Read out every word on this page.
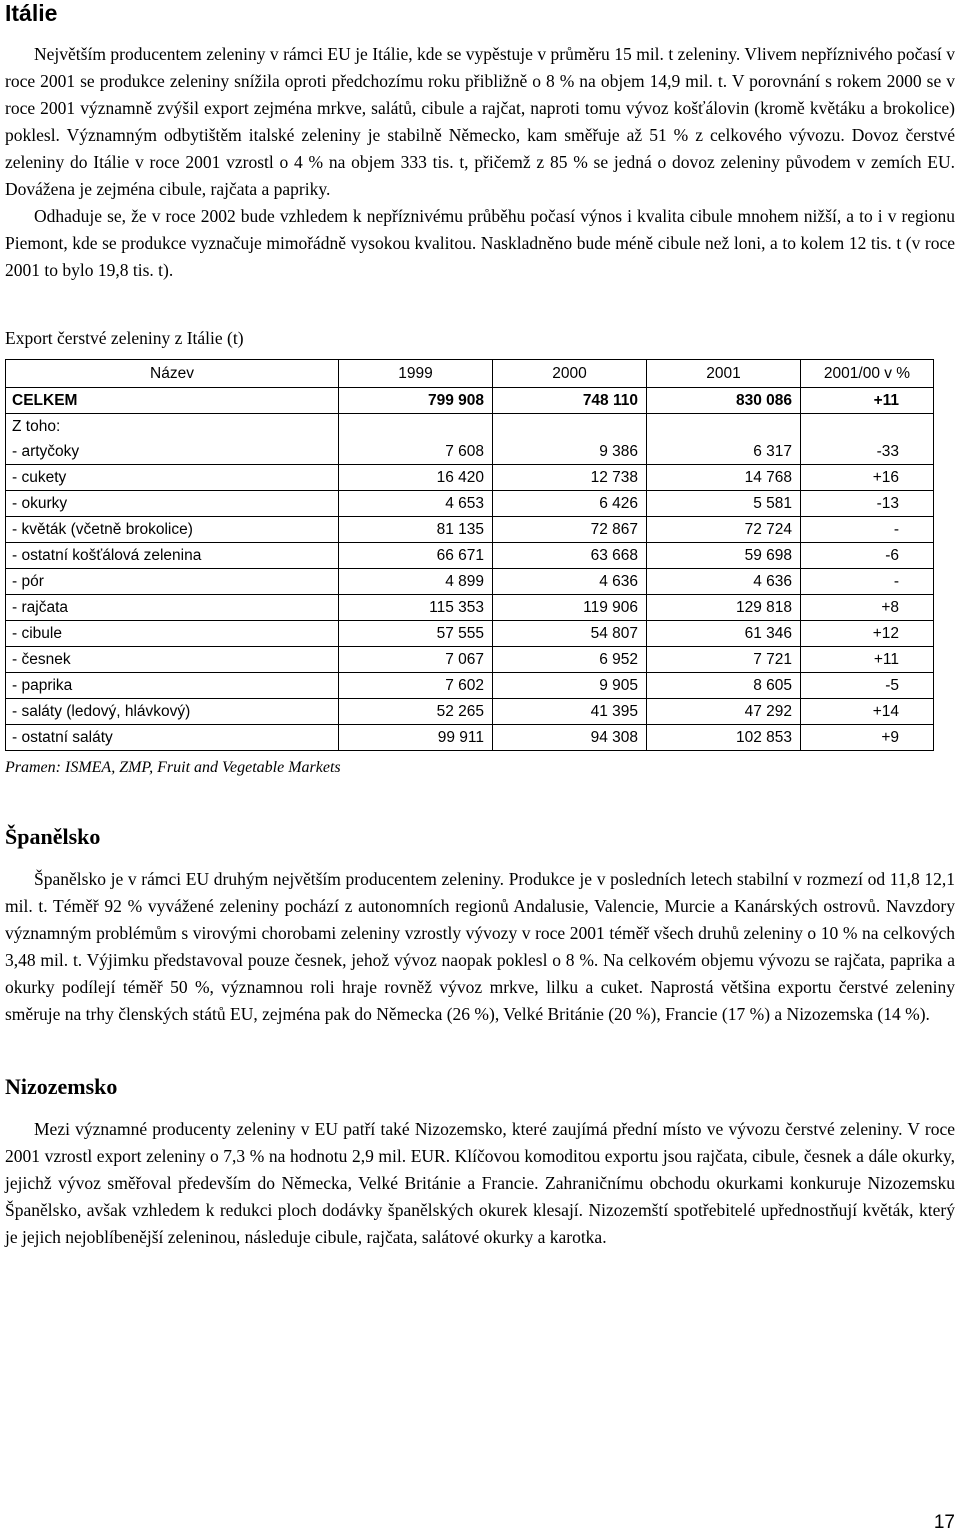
Itálie

Největším producentem zeleniny v rámci EU je Itálie, kde se vypěstuje v průměru 15 mil. t zeleniny. Vlivem nepříznivého počasí v roce 2001 se produkce zeleniny snížila oproti předchozímu roku přibližně o 8 % na objem 14,9 mil. t. V porovnání s rokem 2000 se v roce 2001 významně zvýšil export zejména mrkve, salátů, cibule a rajčat, naproti tomu vývoz košťálovin (kromě květáku a brokolice) poklesl. Významným odbytištěm italské zeleniny je stabilně Německo, kam směřuje až 51 % z celkového vývozu. Dovoz čerstvé zeleniny do Itálie v roce 2001 vzrostl o 4 % na objem 333 tis. t, přičemž z 85 % se jedná o dovoz zeleniny původem v zemích EU. Dovážena je zejména cibule, rajčata a papriky.

Odhaduje se, že v roce 2002 bude vzhledem k nepříznivému průběhu počasí výnos i kvalita cibule mnohem nižší, a to i v regionu Piemont, kde se produkce vyznačuje mimořádně vysokou kvalitou. Naskladněno bude méně cibule než loni, a to kolem 12 tis. t (v roce 2001 to bylo 19,8 tis. t).

Export čerstvé zeleniny z Itálie (t)

Název	1999	2000	2001	2001/00 v %
CELKEM	799 908	748 110	830 086	+11

Z toho:
- artyčoky	7 608	9 386	6 317	-33
- cukety	16 420	12 738	14 768	+16
- okurky	4 653	6 426	5 581	-13
- květák (včetně brokolice)	81 135	72 867	72 724	-
- ostatní košťálová zelenina	66 671	63 668	59 698	-6
- pór	4 899	4 636	4 636	-
- rajčata	115 353	119 906	129 818	+8
- cibule	57 555	54 807	61 346	+12
- česnek	7 067	6 952	7 721	+11
- paprika	7 602	9 905	8 605	-5
- saláty (ledový, hlávkový)	52 265	41 395	47 292	+14
- ostatní saláty	99 911	94 308	102 853	+9

Pramen: ISMEA, ZMP, Fruit and Vegetable Markets

Španělsko

Španělsko je v rámci EU druhým největším producentem zeleniny. Produkce je v posledních letech stabilní v rozmezí od 11,8 12,1 mil. t. Téměř 92 % vyvážené zeleniny pochází z autonomních regionů Andalusie, Valencie, Murcie a Kanárských ostrovů. Navzdory významným problémům s virovými chorobami zeleniny vzrostly vývozy v roce 2001 téměř všech druhů zeleniny o 10 % na celkových 3,48 mil. t. Výjimku představoval pouze česnek, jehož vývoz naopak poklesl o 8 %. Na celkovém objemu vývozu se rajčata, paprika a okurky podílejí téměř 50 %, významnou roli hraje rovněž vývoz mrkve, lilku a cuket. Naprostá většina exportu čerstvé zeleniny směruje na trhy členských států EU, zejména pak do Německa (26 %), Velké Británie (20 %), Francie (17 %) a Nizozemska (14 %).

Nizozemsko

Mezi významné producenty zeleniny v EU patří také Nizozemsko, které zaujímá přední místo ve vývozu čerstvé zeleniny. V roce 2001 vzrostl export zeleniny o 7,3 % na hodnotu 2,9 mil. EUR. Klíčovou komoditou exportu jsou rajčata, cibule, česnek a dále okurky, jejichž vývoz směřoval především do Německa, Velké Británie a Francie. Zahraničnímu obchodu okurkami konkuruje Nizozemsku Španělsko, avšak vzhledem k redukci ploch dodávky španělských okurek klesají. Nizozemští spotřebitelé upřednostňují květák, který je jejich nejoblíbenější zeleninou, následuje cibule, rajčata, salátové okurky a karotka.

17
